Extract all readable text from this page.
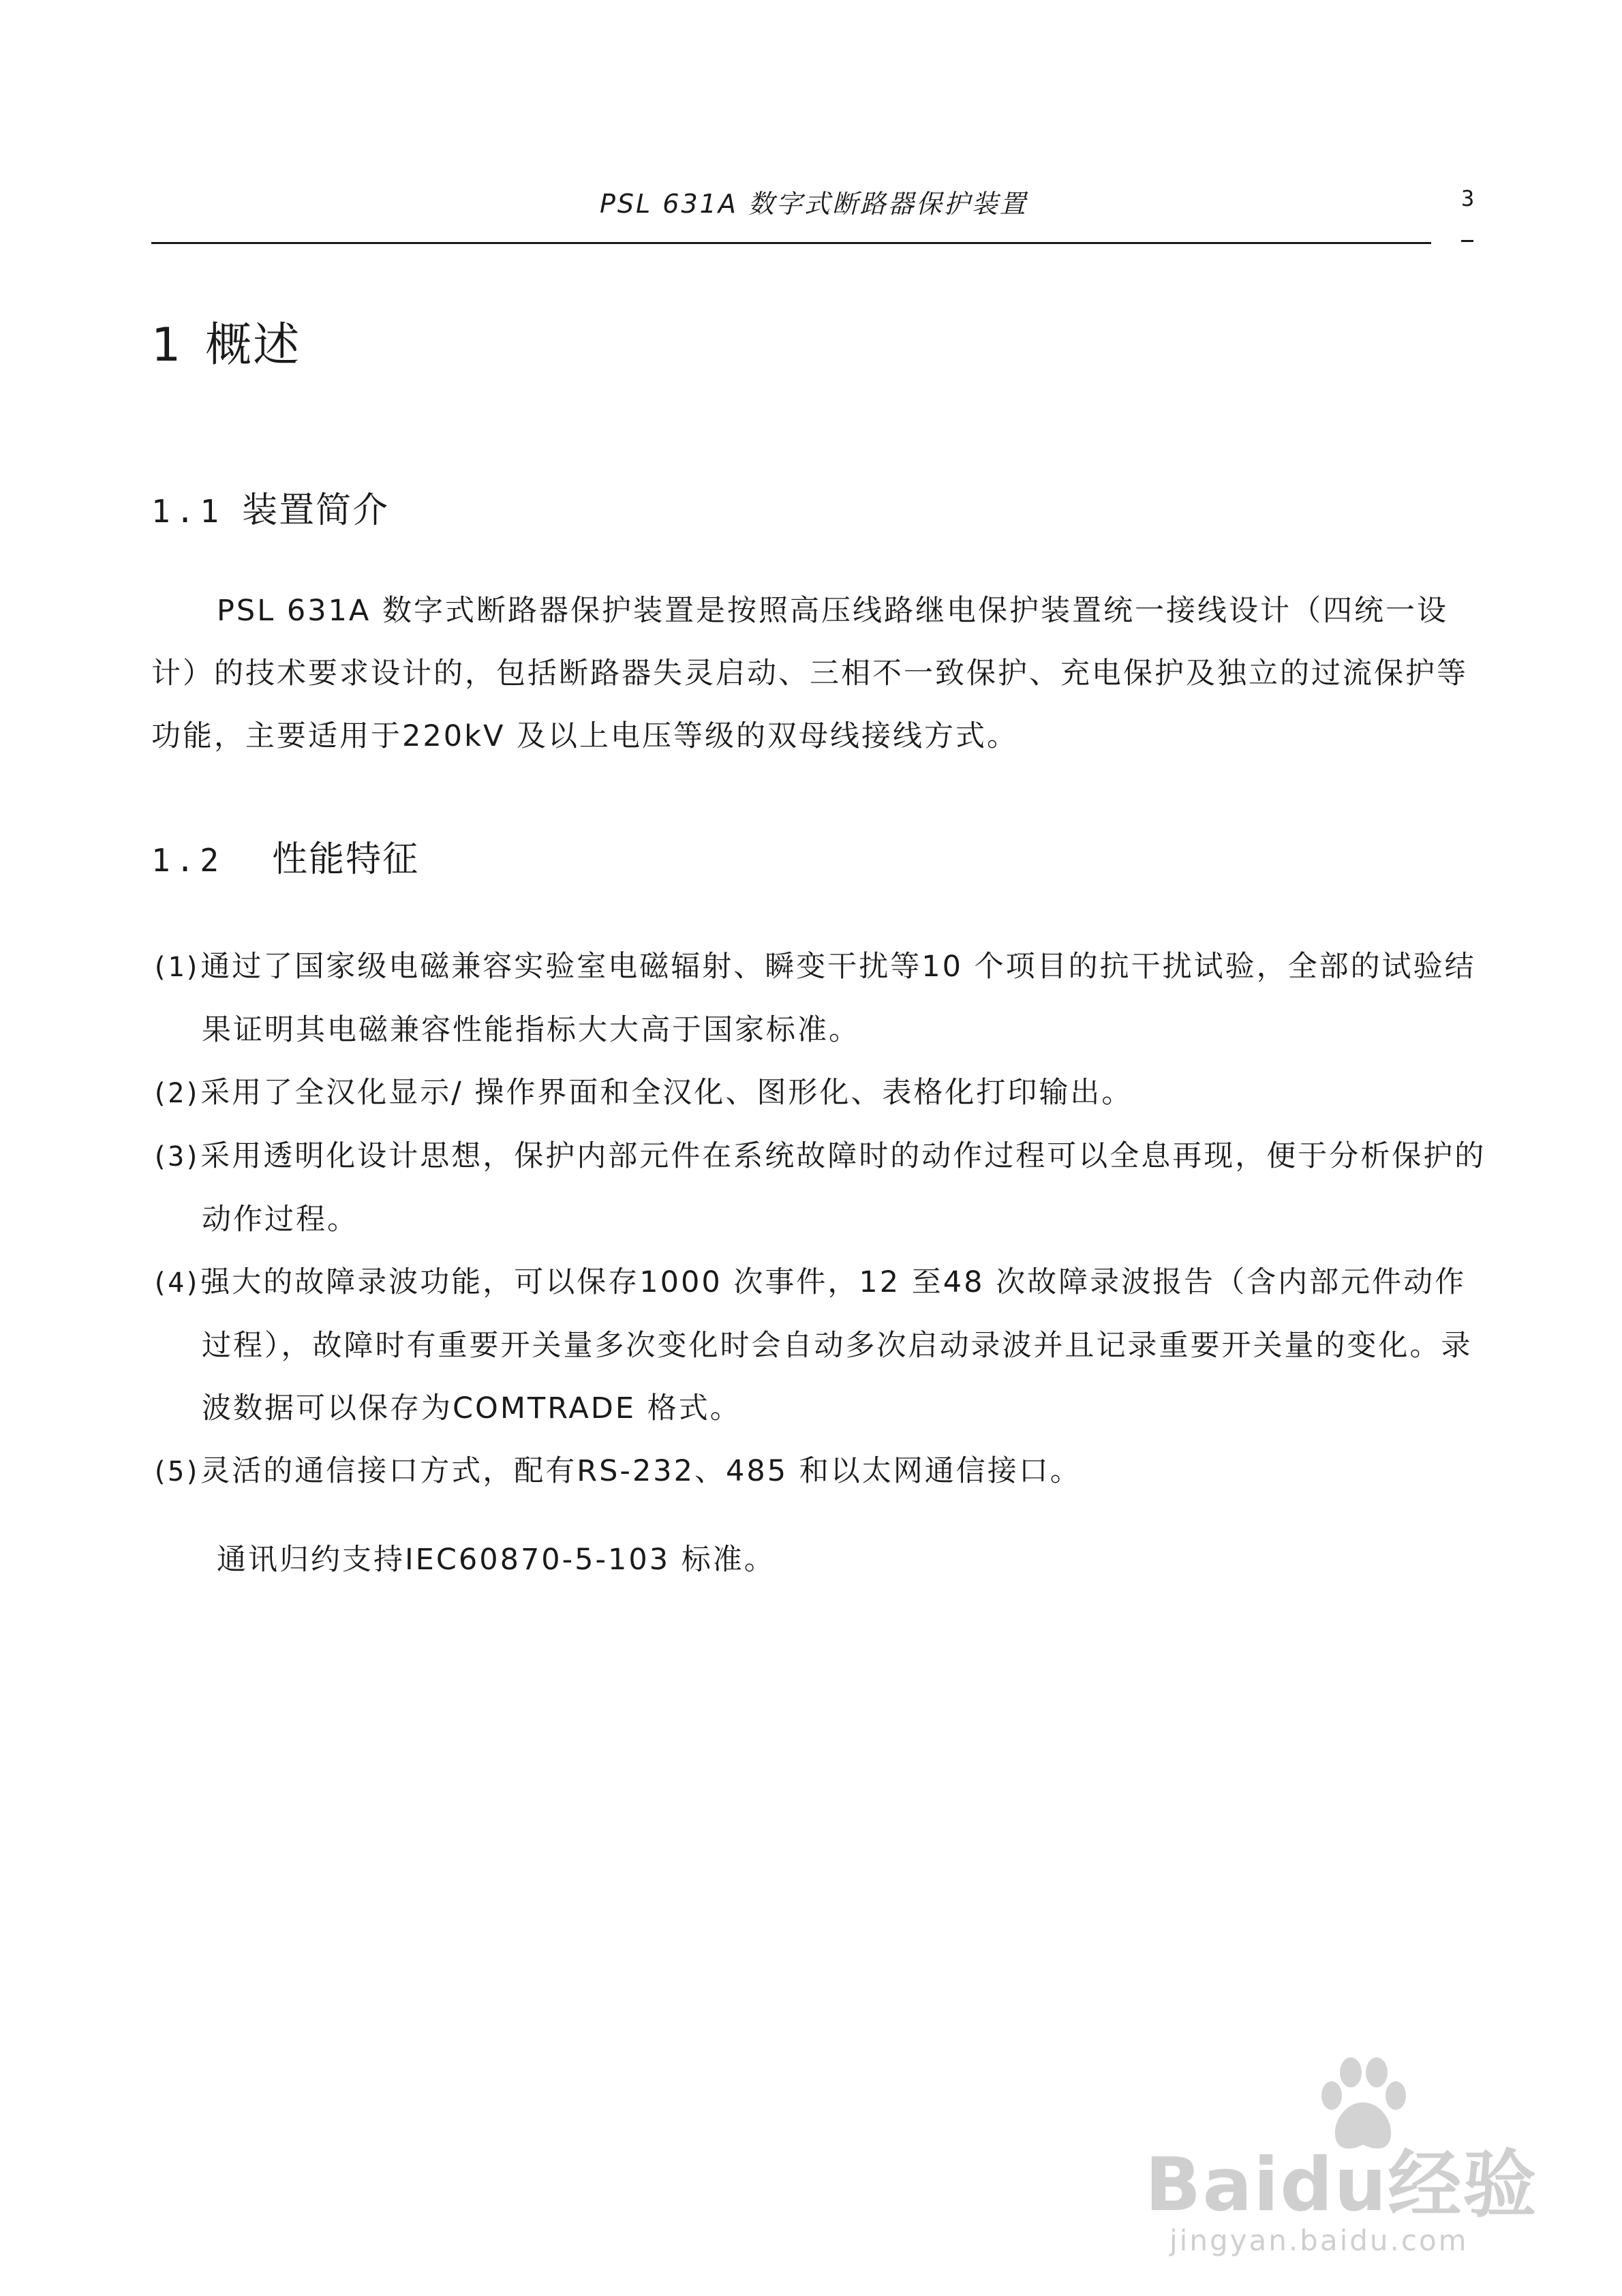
PSL 631A 数字式断路器保护装置	3
1 概述
1.1 装置简介

PSL 631A 数字式断路器保护装置是按照高压线路继电保护装置统一接线设计（四统一设计）的技术要求设计的，包括断路器失灵启动、三相不一致保护、充电保护及独立的过流保护等功能，主要适用于220kV 及以上电压等级的双母线接线方式。

1.2 性能特征
(1)通过了国家级电磁兼容实验室电磁辐射、瞬变干扰等10 个项目的抗干扰试验，全部的试验结果证明其电磁兼容性能指标大大高于国家标准。
(2)采用了全汉化显示/ 操作界面和全汉化、图形化、表格化打印输出。
(3)采用透明化设计思想，保护内部元件在系统故障时的动作过程可以全息再现，便于分析保护的动作过程。
(4)强大的故障录波功能，可以保存1000 次事件，12 至48 次故障录波报告（含内部元件动作过程），故障时有重要开关量多次变化时会自动多次启动录波并且记录重要开关量的变化。录波数据可以保存为COMTRADE 格式。
(5)灵活的通信接口方式，配有RS-232、485 和以太网通信接口。
通讯归约支持IEC60870-5-103 标准。
Baidu经验
jingyan.baidu.com
